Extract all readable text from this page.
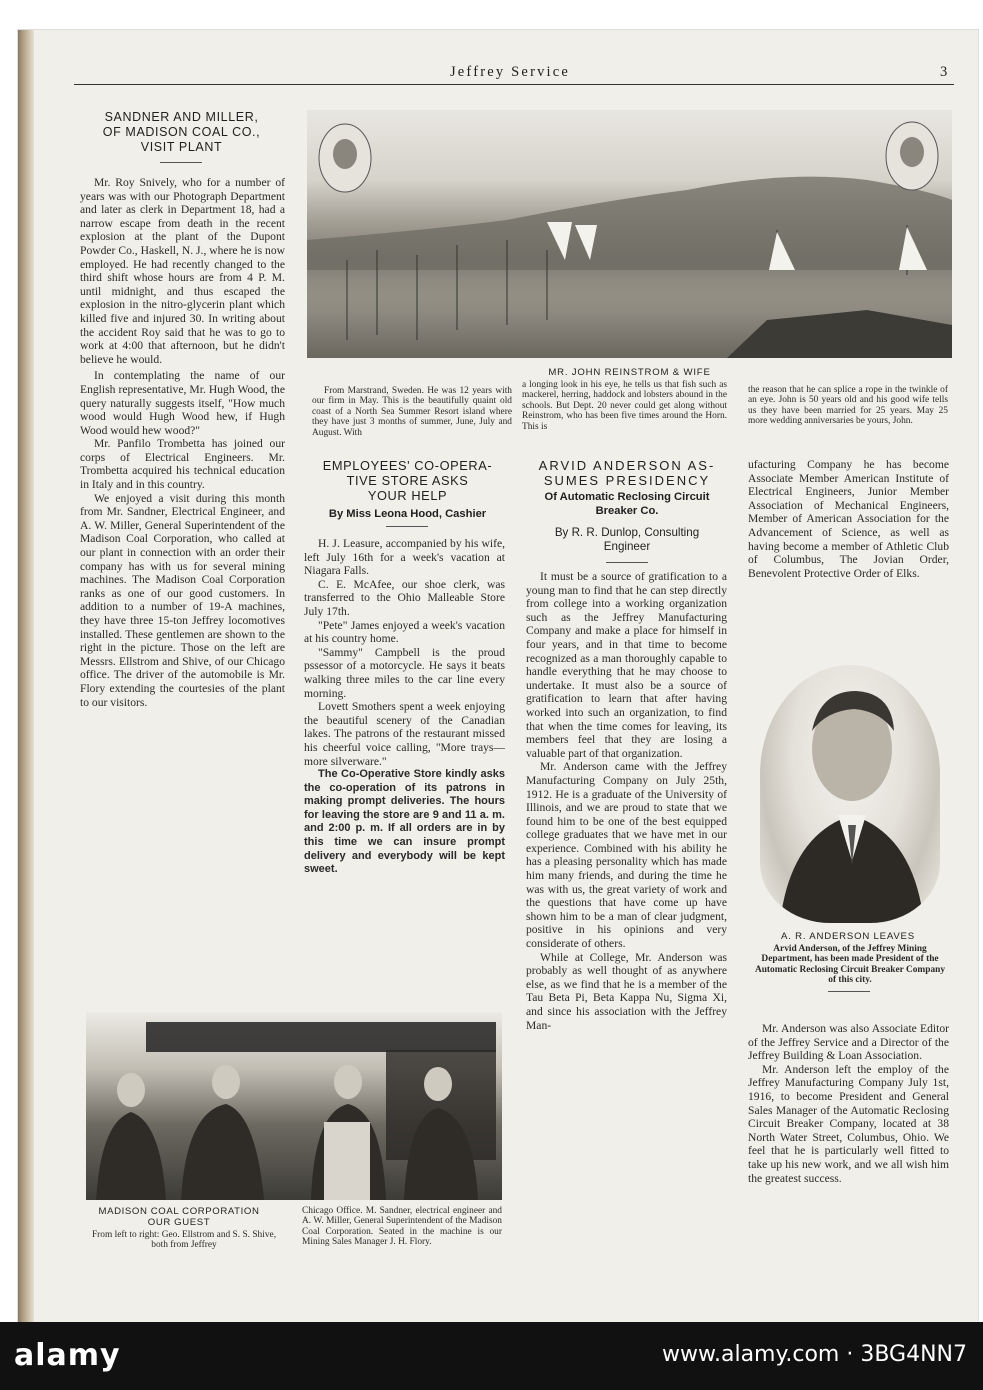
Jeffrey Service	3
SANDNER AND MILLER,
OF MADISON COAL CO.,
VISIT PLANT

Mr. Roy Snively, who for a number of years was with our Photograph Department and later as clerk in Department 18, had a narrow escape from death in the recent explosion at the plant of the Dupont Powder Co., Haskell, N. J., where he is now employed. He had recently changed to the third shift whose hours are from 4 P. M. until midnight, and thus escaped the explosion in the nitro-glycerin plant which killed five and injured 30. In writing about the accident Roy said that he was to go to work at 4:00 that afternoon, but he didn't believe he would.

In contemplating the name of our English representative, Mr. Hugh Wood, the query naturally suggests itself, "How much wood would Hugh Wood hew, if Hugh Wood would hew wood?"

Mr. Panfilo Trombetta has joined our corps of Electrical Engineers. Mr. Trombetta acquired his technical education in Italy and in this country.

We enjoyed a visit during this month from Mr. Sandner, Electrical Engineer, and A. W. Miller, General Superintendent of the Madison Coal Corporation, who called at our plant in connection with an order their company has with us for several mining machines. The Madison Coal Corporation ranks as one of our good customers. In addition to a number of 19-A machines, they have three 15-ton Jeffrey locomotives installed. These gentlemen are shown to the right in the picture. Those on the left are Messrs. Ellstrom and Shive, of our Chicago office. The driver of the automobile is Mr. Flory extending the courtesies of the plant to our visitors.

MR. JOHN REINSTROM & WIFE
From Marstrand, Sweden. He was 12 years with our firm in May. This is the beautifully quaint old coast of a North Sea Summer Resort island where they have just 3 months of summer, June, July and August. With
a longing look in his eye, he tells us that fish such as mackerel, herring, haddock and lobsters abound in the schools. But Dept. 20 never could get along without Reinstrom, who has been five times around the Horn. This is
the reason that he can splice a rope in the twinkle of an eye. John is 50 years old and his good wife tells us they have been married for 25 years. May 25 more wedding anniversaries be yours, John.
EMPLOYEES' CO-OPERA-
TIVE STORE ASKS
YOUR HELP
By Miss Leona Hood, Cashier

H. J. Leasure, accompanied by his wife, left July 16th for a week's vacation at Niagara Falls.

C. E. McAfee, our shoe clerk, was transferred to the Ohio Malleable Store July 17th.

"Pete" James enjoyed a week's vacation at his country home.

"Sammy" Campbell is the proud pssessor of a motorcycle. He says it beats walking three miles to the car line every morning.

Lovett Smothers spent a week enjoying the beautiful scenery of the Canadian lakes. The patrons of the restaurant missed his cheerful voice calling, "More trays—more silverware."

The Co-Operative Store kindly asks the co-operation of its patrons in making prompt deliveries. The hours for leaving the store are 9 and 11 a. m. and 2:00 p. m. If all orders are in by this time we can insure prompt delivery and everybody will be kept sweet.

ARVID ANDERSON AS-
SUMES PRESIDENCY
Of Automatic Reclosing Circuit
Breaker Co.
By R. R. Dunlop, Consulting
Engineer

It must be a source of gratification to a young man to find that he can step directly from college into a working organization such as the Jeffrey Manufacturing Company and make a place for himself in four years, and in that time to become recognized as a man thoroughly capable to handle everything that he may choose to undertake. It must also be a source of gratification to learn that after having worked into such an organization, to find that when the time comes for leaving, its members feel that they are losing a valuable part of that organization.

Mr. Anderson came with the Jeffrey Manufacturing Company on July 25th, 1912. He is a graduate of the University of Illinois, and we are proud to state that we found him to be one of the best equipped college graduates that we have met in our experience. Combined with his ability he has a pleasing personality which has made him many friends, and during the time he was with us, the great variety of work and the questions that have come up have shown him to be a man of clear judgment, positive in his opinions and very considerate of others.

While at College, Mr. Anderson was probably as well thought of as anywhere else, as we find that he is a member of the Tau Beta Pi, Beta Kappa Nu, Sigma Xi, and since his association with the Jeffrey Man-

ufacturing Company he has become Associate Member American Institute of Electrical Engineers, Junior Member Association of Mechanical Engineers, Member of American Association for the Advancement of Science, as well as having become a member of Athletic Club of Columbus, The Jovian Order, Benevolent Protective Order of Elks.

A. R. ANDERSON LEAVES
Arvid Anderson, of the Jeffrey Mining Department, has been made President of the Automatic Reclosing Circuit Breaker Company of this city.

Mr. Anderson was also Associate Editor of the Jeffrey Service and a Director of the Jeffrey Building & Loan Association.

Mr. Anderson left the employ of the Jeffrey Manufacturing Company July 1st, 1916, to become President and General Sales Manager of the Automatic Reclosing Circuit Breaker Company, located at 38 North Water Street, Columbus, Ohio. We feel that he is particularly well fitted to take up his new work, and we all wish him the greatest success.

MADISON COAL CORPORATION
OUR GUEST
From left to right: Geo. Ellstrom and S. S. Shive, both from Jeffrey
Chicago Office. M. Sandner, electrical engineer and A. W. Miller, General Superintendent of the Madison Coal Corporation. Seated in the machine is our Mining Sales Manager J. H. Flory.
alamy	www.alamy.com · 3BG4NN7
